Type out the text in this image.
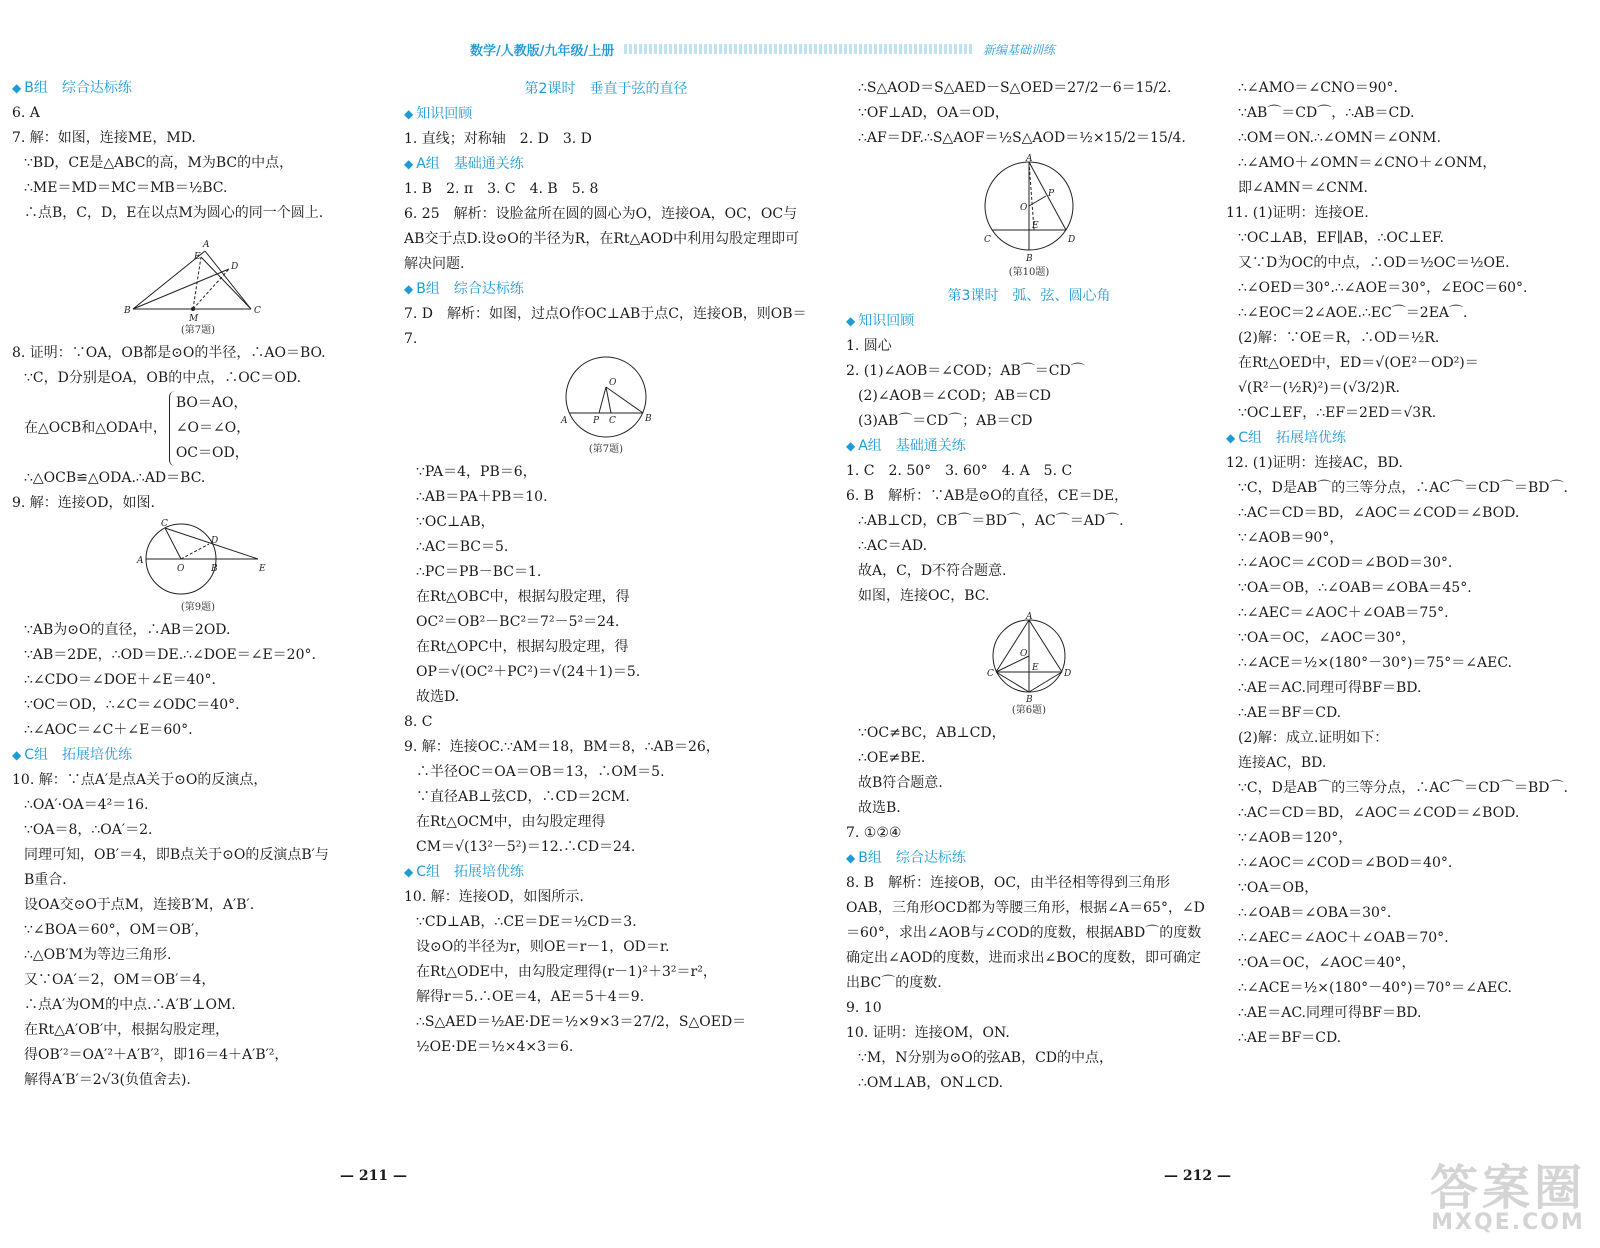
数学/人教版/九年级/上册	新编基础训练
◆ B组　综合达标练
6. A
7. 解：如图，连接ME，MD.
∵BD，CE是△ABC的高，M为BC的中点，
∴ME＝MD＝MC＝MB＝½BC.
∴点B，C，D，E在以点M为圆心的同一个圆上.
B	C
A
E
D
M
(第7题)
8. 证明：∵OA，OB都是⊙O的半径，∴AO＝BO.
∵C，D分别是OA，OB的中点，∴OC＝OD.
在△OCB和△ODA中，
BO＝AO，
∠O＝∠O，
OC＝OD，
∴△OCB≌△ODA.∴AD＝BC.
9. 解：连接OD，如图.
A
O	B	E
C
D
(第9题)
∵AB为⊙O的直径，∴AB＝2OD.
∵AB＝2DE，∴OD＝DE.∴∠DOE＝∠E＝20°.
∴∠CDO＝∠DOE＋∠E＝40°.
∵OC＝OD，∴∠C＝∠ODC＝40°.
∴∠AOC＝∠C＋∠E＝60°.
◆ C组　拓展培优练
10. 解：∵点A′是点A关于⊙O的反演点，
∴OA′·OA＝4²＝16.
∵OA＝8，∴OA′＝2.
同理可知，OB′＝4，即B点关于⊙O的反演点B′与
B重合.
设OA交⊙O于点M，连接B′M，A′B′.
∵∠BOA＝60°，OM＝OB′，
∴△OB′M为等边三角形.
又∵OA′＝2，OM＝OB′＝4，
∴点A′为OM的中点.∴A′B′⊥OM.
在Rt△A′OB′中，根据勾股定理，
得OB′²＝OA′²＋A′B′²，即16＝4＋A′B′²，
解得A′B′＝2√3(负值舍去).
第2课时　垂直于弦的直径
◆ 知识回顾
1. 直线；对称轴　2. D　3. D
◆ A组　基础通关练
1. B　2. π　3. C　4. B　5. 8
6. 25　解析：设脸盆所在圆的圆心为O，连接OA，OC，OC与AB交于点D.设⊙O的半径为R，在Rt△AOD中利用勾股定理即可解决问题.
◆ B组　综合达标练
7. D　解析：如图，过点O作OC⊥AB于点C，连接OB，则OB＝7.
A	P C	B
O
(第7题)
∵PA＝4，PB＝6，
∴AB＝PA＋PB＝10.
∵OC⊥AB，
∴AC＝BC＝5.
∴PC＝PB－BC＝1.
在Rt△OBC中，根据勾股定理，得
OC²＝OB²－BC²＝7²－5²＝24.
在Rt△OPC中，根据勾股定理，得
OP＝√(OC²＋PC²)＝√(24＋1)＝5.
故选D.
8. C
9. 解：连接OC.∵AM＝18，BM＝8，∴AB＝26，
∴半径OC＝OA＝OB＝13，∴OM＝5.
∵直径AB⊥弦CD，∴CD＝2CM.
在Rt△OCM中，由勾股定理得
CM＝√(13²－5²)＝12.∴CD＝24.
◆ C组　拓展培优练
10. 解：连接OD，如图所示.
∵CD⊥AB，∴CE＝DE＝½CD＝3.
设⊙O的半径为r，则OE＝r－1，OD＝r.
在Rt△ODE中，由勾股定理得(r－1)²＋3²＝r²，
解得r＝5.∴OE＝4，AE＝5＋4＝9.
∴S△AED＝½AE·DE＝½×9×3＝27/2，S△OED＝
½OE·DE＝½×4×3＝6.
∴S△AOD＝S△AED－S△OED＝27/2－6＝15/2.
∵OF⊥AD，OA＝OD，
∴AF＝DF.∴S△AOF＝½S△AOD＝½×15/2＝15/4.
A
O
P
C
B
D
E
(第10题)
第3课时　弧、弦、圆心角
◆ 知识回顾
1. 圆心
2. (1)∠AOB＝∠COD；AB⌒＝CD⌒
(2)∠AOB＝∠COD；AB＝CD
(3)AB⌒＝CD⌒；AB＝CD
◆ A组　基础通关练
1. C　2. 50°　3. 60°　4. A　5. C
6. B　解析：∵AB是⊙O的直径，CE＝DE，
∴AB⊥CD，CB⌒＝BD⌒，AC⌒＝AD⌒.
∴AC＝AD.
故A，C，D不符合题意.
如图，连接OC，BC.
A
O
E
C	D
B
(第6题)
∵OC≠BC，AB⊥CD，
∴OE≠BE.
故B符合题意.
故选B.
7. ①②④
◆ B组　综合达标练
8. B　解析：连接OB，OC，由半径相等得到三角形OAB，三角形OCD都为等腰三角形，根据∠A＝65°，∠D＝60°，求出∠AOB与∠COD的度数，根据ABD⌒的度数确定出∠AOD的度数，进而求出∠BOC的度数，即可确定出BC⌒的度数.
9. 10
10. 证明：连接OM，ON.
∵M，N分别为⊙O的弦AB，CD的中点，
∴OM⊥AB，ON⊥CD.
∴∠AMO＝∠CNO＝90°.
∵AB⌒＝CD⌒，∴AB＝CD.
∴OM＝ON.∴∠OMN＝∠ONM.
∴∠AMO＋∠OMN＝∠CNO＋∠ONM，
即∠AMN＝∠CNM.
11. (1)证明：连接OE.
∵OC⊥AB，EF∥AB，∴OC⊥EF.
又∵D为OC的中点，∴OD＝½OC＝½OE.
∴∠OED＝30°.∴∠AOE＝30°，∠EOC＝60°.
∴∠EOC＝2∠AOE.∴EC⌒＝2EA⌒.
(2)解：∵OE＝R，∴OD＝½R.
在Rt△OED中，ED＝√(OE²－OD²)＝
√(R²－(½R)²)＝(√3/2)R.
∵OC⊥EF，∴EF＝2ED＝√3R.
◆ C组　拓展培优练
12. (1)证明：连接AC，BD.
∵C，D是AB⌒的三等分点，∴AC⌒＝CD⌒＝BD⌒.
∴AC＝CD＝BD，∠AOC＝∠COD＝∠BOD.
∵∠AOB＝90°，
∴∠AOC＝∠COD＝∠BOD＝30°.
∵OA＝OB，∴∠OAB＝∠OBA＝45°.
∴∠AEC＝∠AOC＋∠OAB＝75°.
∵OA＝OC，∠AOC＝30°，
∴∠ACE＝½×(180°－30°)＝75°＝∠AEC.
∴AE＝AC.同理可得BF＝BD.
∴AE＝BF＝CD.
(2)解：成立.证明如下：
连接AC，BD.
∵C，D是AB⌒的三等分点，∴AC⌒＝CD⌒＝BD⌒.
∴AC＝CD＝BD，∠AOC＝∠COD＝∠BOD.
∵∠AOB＝120°，
∴∠AOC＝∠COD＝∠BOD＝40°.
∵OA＝OB，
∴∠OAB＝∠OBA＝30°.
∴∠AEC＝∠AOC＋∠OAB＝70°.
∵OA＝OC，∠AOC＝40°，
∴∠ACE＝½×(180°－40°)＝70°＝∠AEC.
∴AE＝AC.同理可得BF＝BD.
∴AE＝BF＝CD.
— 211 —	— 212 —	答案圈
MXQE.COM
